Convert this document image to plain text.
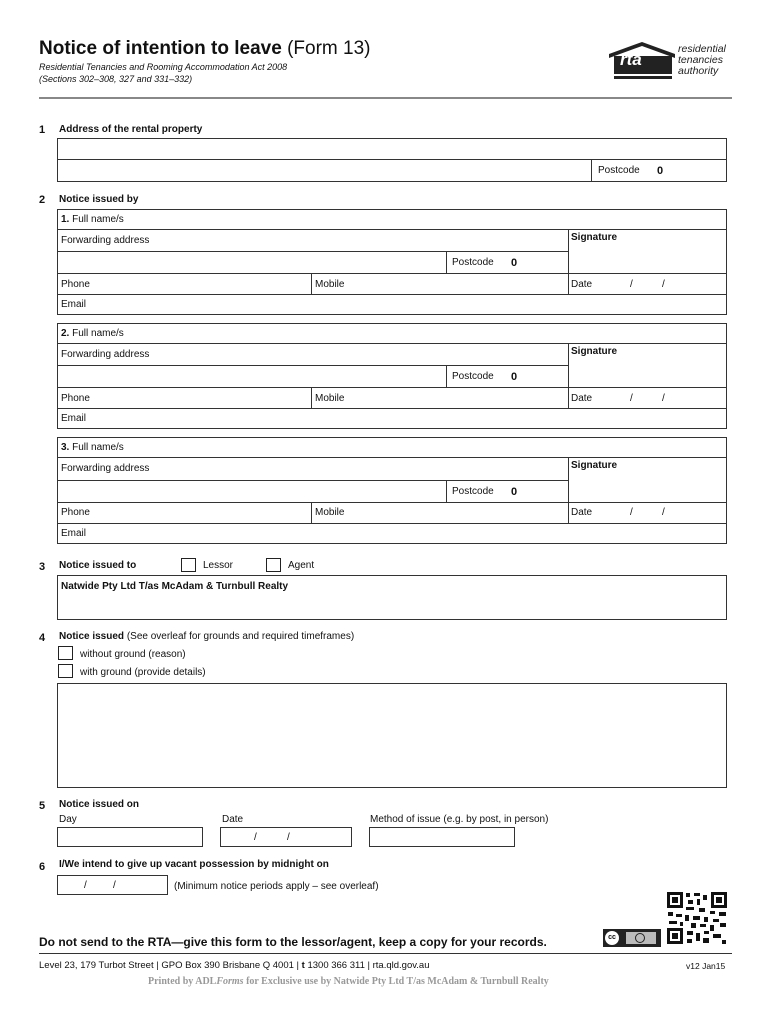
Notice of intention to leave (Form 13)
Residential Tenancies and Rooming Accommodation Act 2008
(Sections 302–308, 327 and 331–332)
rta
residential
tenancies
authority
1 Address of the rental property
Postcode 0
2 Notice issued by
1. Full name/s
Forwarding address	Signature
Postcode 0
Phone	Mobile	Date	/	/
Email
2. Full name/s
Forwarding address	Signature
Postcode 0
Phone	Mobile	Date	/	/
Email
3. Full name/s
Forwarding address	Signature
Postcode 0
Phone	Mobile	Date	/	/
Email
3 Notice issued to	Lessor	Agent
Natwide Pty Ltd T/as McAdam & Turnbull Realty
4 Notice issued (See overleaf for grounds and required timeframes)
without ground (reason)
with ground (provide details)
5 Notice issued on
Day	Date	Method of issue (e.g. by post, in person)
/	/
6 I/We intend to give up vacant possession by midnight on
/	/	(Minimum notice periods apply – see overleaf)
cc
Do not send to the RTA—give this form to the lessor/agent, keep a copy for your records.
Level 23, 179 Turbot Street | GPO Box 390 Brisbane Q 4001 | t 1300 366 311 | rta.qld.gov.au	v12 Jan15
Printed by ADLForms for Exclusive use by Natwide Pty Ltd T/as McAdam & Turnbull Realty
